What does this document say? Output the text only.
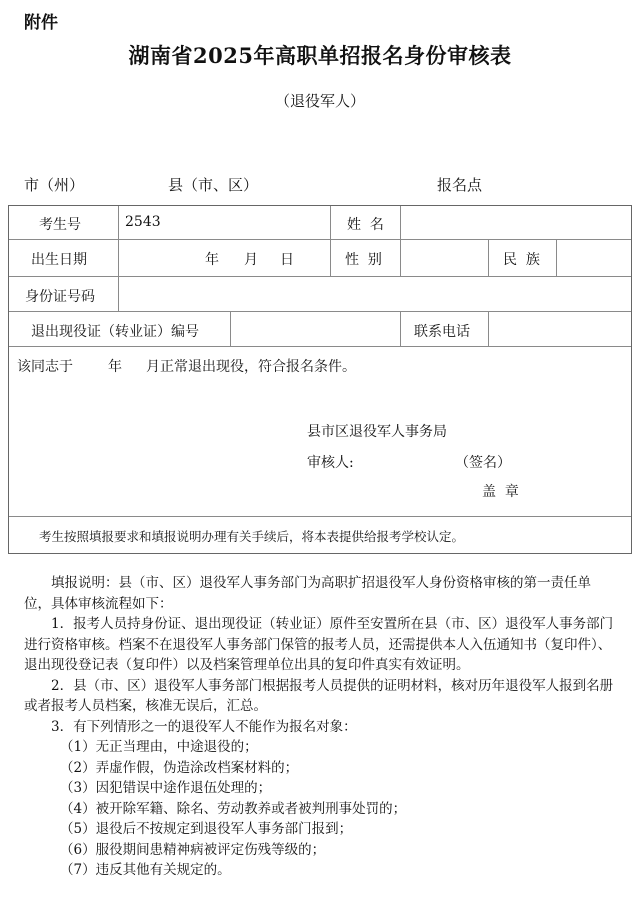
附件
湖南省2025年高职单招报名身份审核表
（退役军人）
市（州）	县（市、区）	报名点
考生号	2543	姓  名
出生日期	年 月 日	性  别	民  族
身份证号码
退出现役证（转业证）编号	联系电话
该同志于	年 月正常退出现役，符合报名条件。
县市区退役军人事务局
审核人:	（签名）
盖  章
考生按照填报要求和填报说明办理有关手续后，将本表提供给报考学校认定。

填报说明：县（市、区）退役军人事务部门为高职扩招退役军人身份资格审核的第一责任单位，具体审核流程如下：

1．报考人员持身份证、退出现役证（转业证）原件至安置所在县（市、区）退役军人事务部门进行资格审核。档案不在退役军人事务部门保管的报考人员，还需提供本人入伍通知书（复印件）、退出现役登记表（复印件）以及档案管理单位出具的复印件真实有效证明。

2．县（市、区）退役军人事务部门根据报考人员提供的证明材料，核对历年退役军人报到名册或者报考人员档案，核准无误后，汇总。

3．有下列情形之一的退役军人不能作为报名对象：

（1）无正当理由，中途退役的；

（2）弄虚作假，伪造涂改档案材料的；

（3）因犯错误中途作退伍处理的；

（4）被开除军籍、除名、劳动教养或者被判刑事处罚的；

（5）退役后不按规定到退役军人事务部门报到；

（6）服役期间患精神病被评定伤残等级的；

（7）违反其他有关规定的。
